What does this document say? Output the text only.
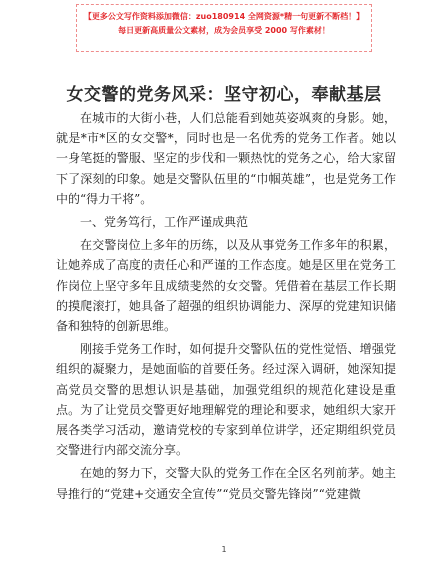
【更多公文写作资料添加微信：zuo180914 全网资源*精一句更新不断档！】
每日更新高质量公文素材，成为会员享受 2000 写作素材！
女交警的党务风采：坚守初心，奉献基层

在城市的大街小巷，人们总能看到她英姿飒爽的身影。她，就是*市*区的女交警*，同时也是一名优秀的党务工作者。她以一身笔挺的警服、坚定的步伐和一颗热忱的党务之心，给大家留下了深刻的印象。她是交警队伍里的“巾帼英雄”，也是党务工作中的“得力干将”。

一、党务笃行，工作严谨成典范

在交警岗位上多年的历练，以及从事党务工作多年的积累，让她养成了高度的责任心和严谨的工作态度。她是区里在党务工作岗位上坚守多年且成绩斐然的女交警。凭借着在基层工作长期的摸爬滚打，她具备了超强的组织协调能力、深厚的党建知识储备和独特的创新思维。

刚接手党务工作时，如何提升交警队伍的党性觉悟、增强党组织的凝聚力，是她面临的首要任务。经过深入调研，她深知提高党员交警的思想认识是基础，加强党组织的规范化建设是重点。为了让党员交警更好地理解党的理论和要求，她组织大家开展各类学习活动，邀请党校的专家到单位讲学，还定期组织党员交警进行内部交流分享。

在她的努力下，交警大队的党务工作在全区名列前茅。她主导推行的“党建+交通安全宣传”“党员交警先锋岗”“党建微

1
